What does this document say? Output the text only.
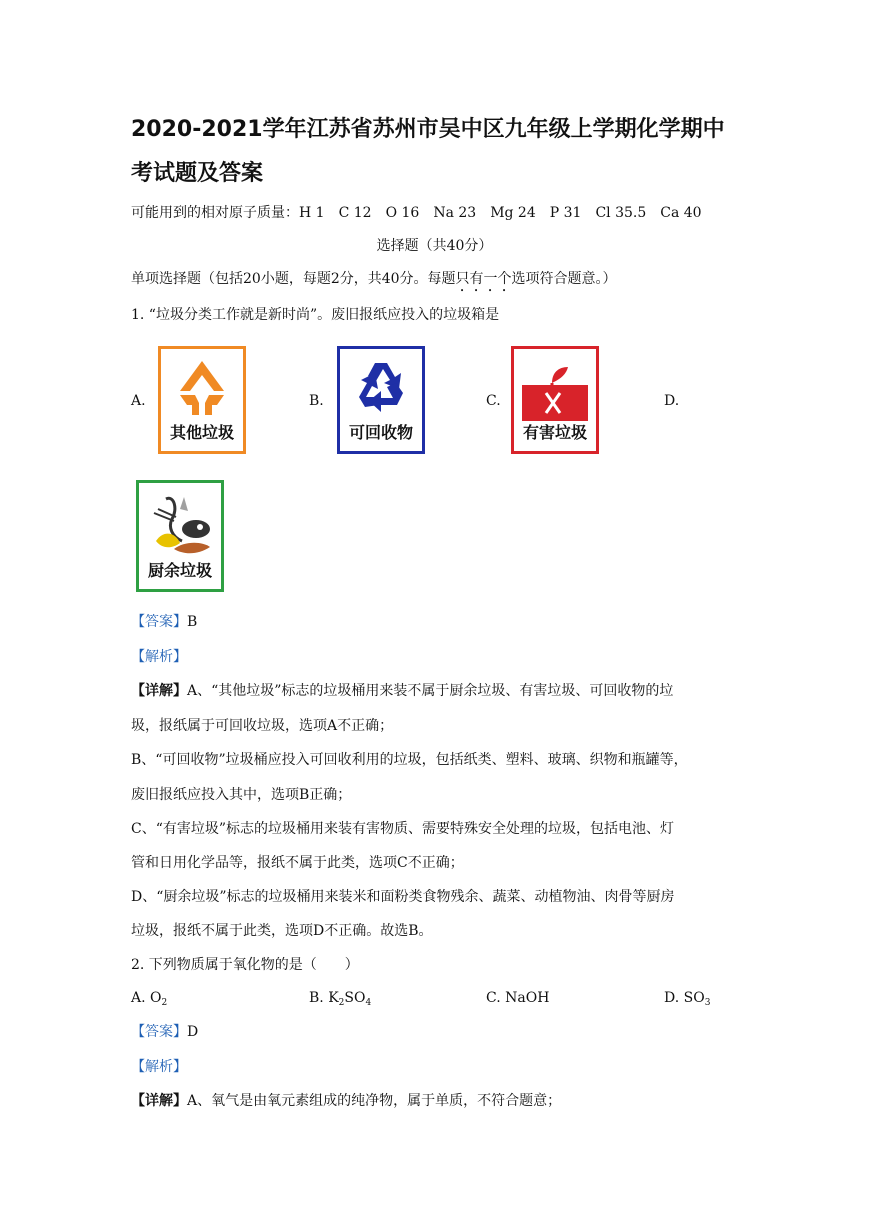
2020-2021学年江苏省苏州市吴中区九年级上学期化学期中
考试题及答案
可能用到的相对原子质量：H 1 C 12 O 16 Na 23 Mg 24 P 31 Cl 35.5 Ca 40
选择题（共40分）
单项选择题（包括20小题，每题2分，共40分。每题只有一个选项符合题意。）
1. “垃圾分类工作就是新时尚”。废旧报纸应投入的垃圾箱是
A.
其他垃圾
B.
可回收物
C.
有害垃圾
D.
厨余垃圾
【答案】B
【解析】
【详解】A、“其他垃圾”标志的垃圾桶用来装不属于厨余垃圾、有害垃圾、可回收物的垃
圾，报纸属于可回收垃圾，选项A不正确；
B、“可回收物”垃圾桶应投入可回收利用的垃圾，包括纸类、塑料、玻璃、织物和瓶罐等，
废旧报纸应投入其中，选项B正确；
C、“有害垃圾”标志的垃圾桶用来装有害物质、需要特殊安全处理的垃圾，包括电池、灯
管和日用化学品等，报纸不属于此类，选项C不正确；
D、“厨余垃圾”标志的垃圾桶用来装米和面粉类食物残余、蔬菜、动植物油、肉骨等厨房
垃圾，报纸不属于此类，选项D不正确。故选B。
2. 下列物质属于氧化物的是（　　）
A. $O_2$	B. $K_2SO_4$	C. NaOH	D. $SO_3$
【答案】D
【解析】
【详解】A、氧气是由氧元素组成的纯净物，属于单质，不符合题意；
